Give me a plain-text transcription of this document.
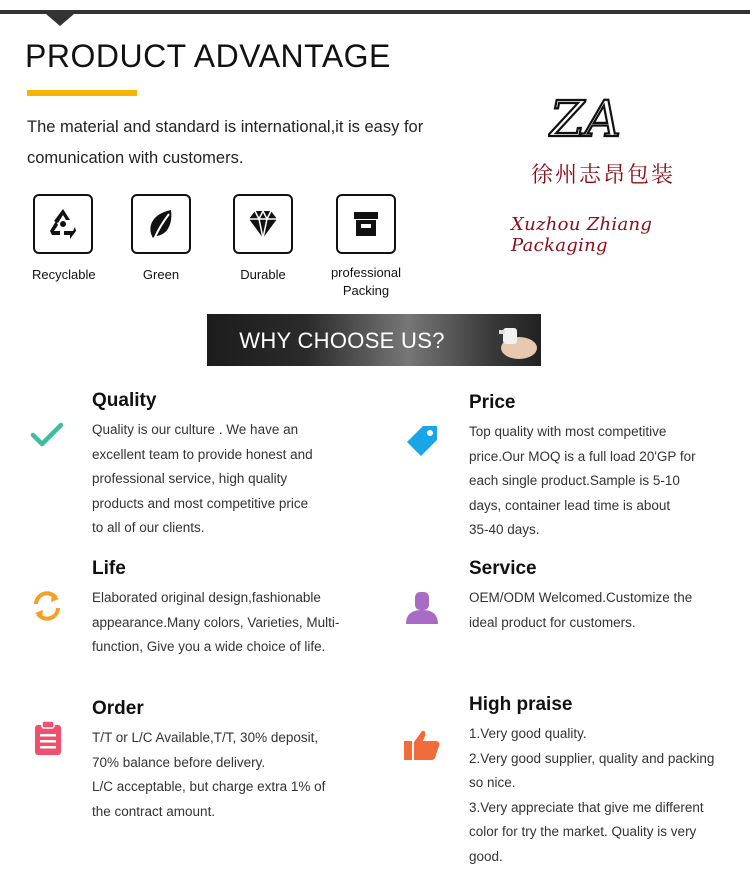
PRODUCT ADVANTAGE
The material and standard is international,it is easy for
comunication with customers.
Recyclable	Green	Durable	professional
Packing
ZA
徐州志昂包装
Xuzhou Zhiang Packaging
WHY CHOOSE US?
Quality

Quality is our culture . We have an
excellent team to provide honest and
professional service, high quality
products and most competitive price
to all of our clients.

Price

Top quality with most competitive
price.Our MOQ is a full load 20'GP for
each single product.Sample is 5-10
days, container lead time is about
35-40 days.

Life

Elaborated original design,fashionable
appearance.Many colors, Varieties, Multi-
function, Give you a wide choice of life.

Service

OEM/ODM Welcomed.Customize the
ideal product for customers.

Order

T/T or L/C Available,T/T, 30% deposit,
70% balance before delivery.
L/C acceptable, but charge extra 1% of
the contract amount.

High praise

1.Very good quality.
2.Very good supplier, quality and packing
so nice.
3.Very appreciate that give me different
color for try the market. Quality is very
good.
